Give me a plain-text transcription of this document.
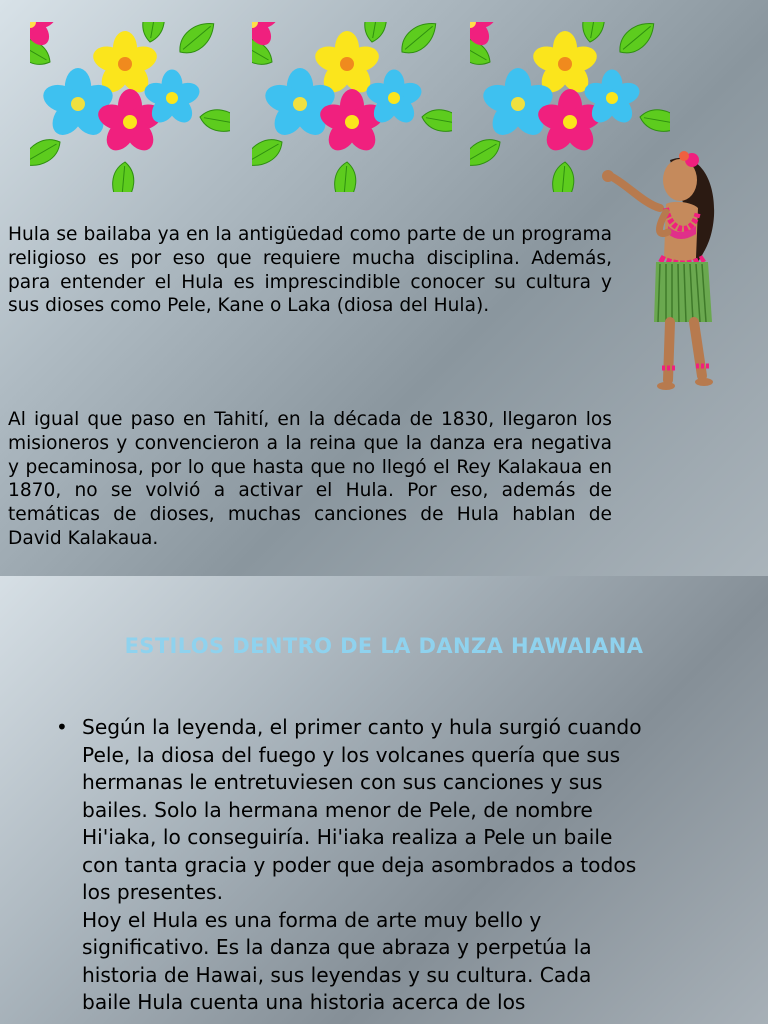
Hula se bailaba ya en la antigüedad como parte de un programa religioso es por eso que requiere mucha disciplina. Además, para entender el Hula es imprescindible conocer su cultura y sus dioses como Pele, Kane o Laka (diosa del Hula).

Al igual que paso en Tahití, en la década de 1830, llegaron los misioneros y convencieron a la reina que la danza era negativa y pecaminosa, por lo que hasta que no llegó el Rey Kalakaua en 1870, no se volvió a activar el Hula. Por eso, además de temáticas de dioses, muchas canciones de Hula hablan de David Kalakaua.

ESTILOS DENTRO DE LA DANZA HAWAIANA
• Según la leyenda, el primer canto y hula surgió cuando
Pele, la diosa del fuego y los volcanes quería que sus
hermanas le entretuviesen con sus canciones y sus
bailes. Solo la hermana menor de Pele, de nombre
Hi'iaka, lo conseguiría. Hi'iaka realiza a Pele un baile
con tanta gracia y poder que deja asombrados a todos
los presentes.
Hoy el Hula es una forma de arte muy bello y
significativo. Es la danza que abraza y perpetúa la
historia de Hawai, sus leyendas y su cultura. Cada
baile Hula cuenta una historia acerca de los
